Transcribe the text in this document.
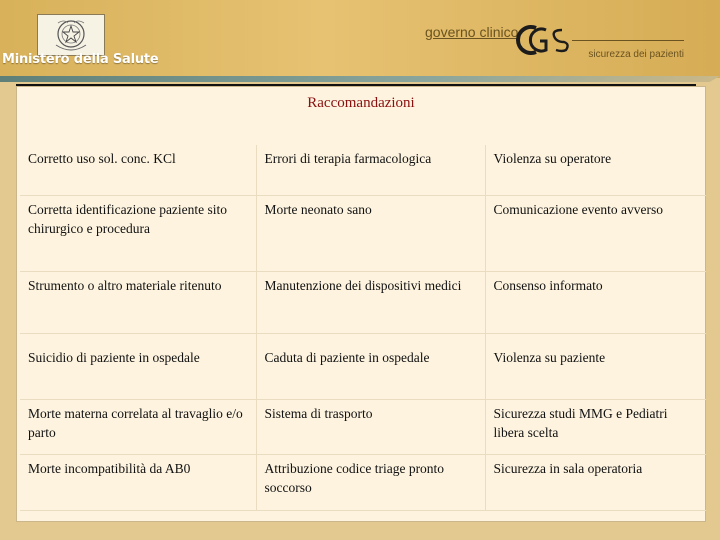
Ministero della Salute
governo clinico
sicurezza dei pazienti
Raccomandazioni
Corretto uso sol. conc. KCl	Errori di terapia farmacologica	Violenza su operatore
Corretta identificazione paziente sito chirurgico e procedura	Morte neonato sano	Comunicazione evento avverso
Strumento o altro materiale ritenuto	Manutenzione dei dispositivi medici	Consenso informato
Suicidio di paziente in ospedale	Caduta di paziente in ospedale	Violenza su paziente
Morte materna correlata al travaglio e/o parto	Sistema di trasporto	Sicurezza studi MMG e Pediatri libera scelta
Morte incompatibilità da AB0	Attribuzione codice triage pronto soccorso	Sicurezza in sala operatoria
